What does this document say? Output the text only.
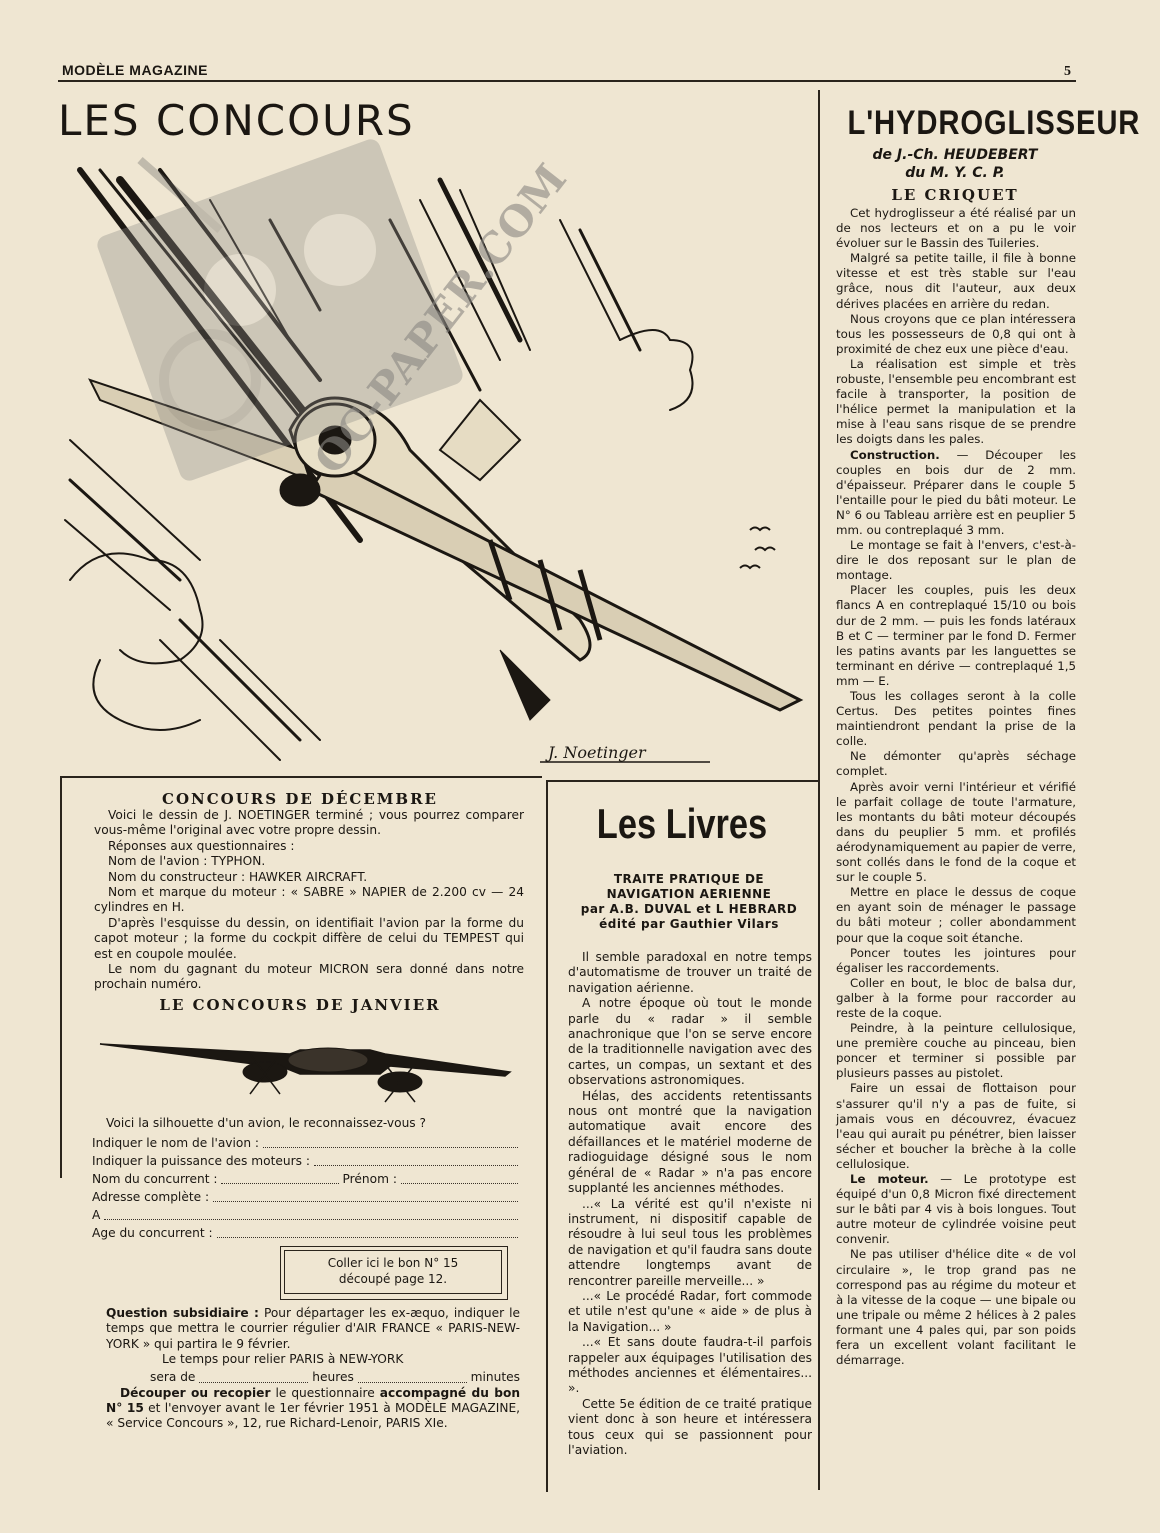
MODÈLE MAGAZINE	5
LES CONCOURS
J. Noetinger
OC-PAPER.COM
CONCOURS DE DÉCEMBRE

Voici le dessin de J. NOETINGER terminé ; vous pourrez comparer vous-même l'original avec votre propre dessin.

Réponses aux questionnaires :

Nom de l'avion : TYPHON.

Nom du constructeur : HAWKER AIRCRAFT.

Nom et marque du moteur : « SABRE » NAPIER de 2.200 cv — 24 cylindres en H.

D'après l'esquisse du dessin, on identifiait l'avion par la forme du capot moteur ; la forme du cockpit diffère de celui du TEMPEST qui est en coupole moulée.

Le nom du gagnant du moteur MICRON sera donné dans notre prochain numéro.

LE CONCOURS DE JANVIER

Voici la silhouette d'un avion, le reconnaissez-vous ?

Indiquer le nom de l'avion :
Indiquer la puissance des moteurs :
Nom du concurrent :	Prénom :
Adresse complète :
A
Age du concurrent :
Coller ici le bon N° 15
découpé page 12.

Question subsidiaire : Pour départager les ex-æquo, indiquer le temps que mettra le courrier régulier d'AIR FRANCE « PARIS-NEW-YORK » qui partira le 9 février.

Le temps pour relier PARIS à NEW-YORK

sera de	heures	minutes

Découper ou recopier le questionnaire accompagné du bon N° 15 et l'envoyer avant le 1er février 1951 à MODÈLE MAGAZINE, « Service Concours », 12, rue Richard-Lenoir, PARIS XIe.

Les Livres
TRAITE PRATIQUE DE NAVIGATION AERIENNE
par A.B. DUVAL et L HEBRARD
édité par Gauthier Vilars

Il semble paradoxal en notre temps d'automatisme de trouver un traité de navigation aérienne.

A notre époque où tout le monde parle du « radar » il semble anachronique que l'on se serve encore de la traditionnelle navigation avec des cartes, un compas, un sextant et des observations astronomiques.

Hélas, des accidents retentissants nous ont montré que la navigation automatique avait encore des défaillances et le matériel moderne de radioguidage désigné sous le nom général de « Radar » n'a pas encore supplanté les anciennes méthodes.

...« La vérité est qu'il n'existe ni instrument, ni dispositif capable de résoudre à lui seul tous les problèmes de navigation et qu'il faudra sans doute attendre longtemps avant de rencontrer pareille merveille... »

...« Le procédé Radar, fort commode et utile n'est qu'une « aide » de plus à la Navigation... »

...« Et sans doute faudra-t-il parfois rappeler aux équipages l'utilisation des méthodes anciennes et élémentaires... ».

Cette 5e édition de ce traité pratique vient donc à son heure et intéressera tous ceux qui se passionnent pour l'aviation.

L'HYDROGLISSEUR
de J.-Ch. HEUDEBERT
du M. Y. C. P.
LE CRIQUET

Cet hydroglisseur a été réalisé par un de nos lecteurs et on a pu le voir évoluer sur le Bassin des Tuileries.

Malgré sa petite taille, il file à bonne vitesse et est très stable sur l'eau grâce, nous dit l'auteur, aux deux dérives placées en arrière du redan.

Nous croyons que ce plan intéressera tous les possesseurs de 0,8 qui ont à proximité de chez eux une pièce d'eau.

La réalisation est simple et très robuste, l'ensemble peu encombrant est facile à transporter, la position de l'hélice permet la manipulation et la mise à l'eau sans risque de se prendre les doigts dans les pales.

Construction. — Découper les couples en bois dur de 2 mm. d'épaisseur. Préparer dans le couple 5 l'entaille pour le pied du bâti moteur. Le N° 6 ou Tableau arrière est en peuplier 5 mm. ou contreplaqué 3 mm.

Le montage se fait à l'envers, c'est-à-dire le dos reposant sur le plan de montage.

Placer les couples, puis les deux flancs A en contreplaqué 15/10 ou bois dur de 2 mm. — puis les fonds latéraux B et C — terminer par le fond D. Fermer les patins avants par les languettes se terminant en dérive — contreplaqué 1,5 mm — E.

Tous les collages seront à la colle Certus. Des petites pointes fines maintiendront pendant la prise de la colle.

Ne démonter qu'après séchage complet.

Après avoir verni l'intérieur et vérifié le parfait collage de toute l'armature, les montants du bâti moteur découpés dans du peuplier 5 mm. et profilés aérodynamiquement au papier de verre, sont collés dans le fond de la coque et sur le couple 5.

Mettre en place le dessus de coque en ayant soin de ménager le passage du bâti moteur ; coller abondamment pour que la coque soit étanche.

Poncer toutes les jointures pour égaliser les raccordements.

Coller en bout, le bloc de balsa dur, galber à la forme pour raccorder au reste de la coque.

Peindre, à la peinture cellulosique, une première couche au pinceau, bien poncer et terminer si possible par plusieurs passes au pistolet.

Faire un essai de flottaison pour s'assurer qu'il n'y a pas de fuite, si jamais vous en découvrez, évacuez l'eau qui aurait pu pénétrer, bien laisser sécher et boucher la brèche à la colle cellulosique.

Le moteur. — Le prototype est équipé d'un 0,8 Micron fixé directement sur le bâti par 4 vis à bois longues. Tout autre moteur de cylindrée voisine peut convenir.

Ne pas utiliser d'hélice dite « de vol circulaire », le trop grand pas ne correspond pas au régime du moteur et à la vitesse de la coque — une bipale ou une tripale ou même 2 hélices à 2 pales formant une 4 pales qui, par son poids fera un excellent volant facilitant le démarrage.
